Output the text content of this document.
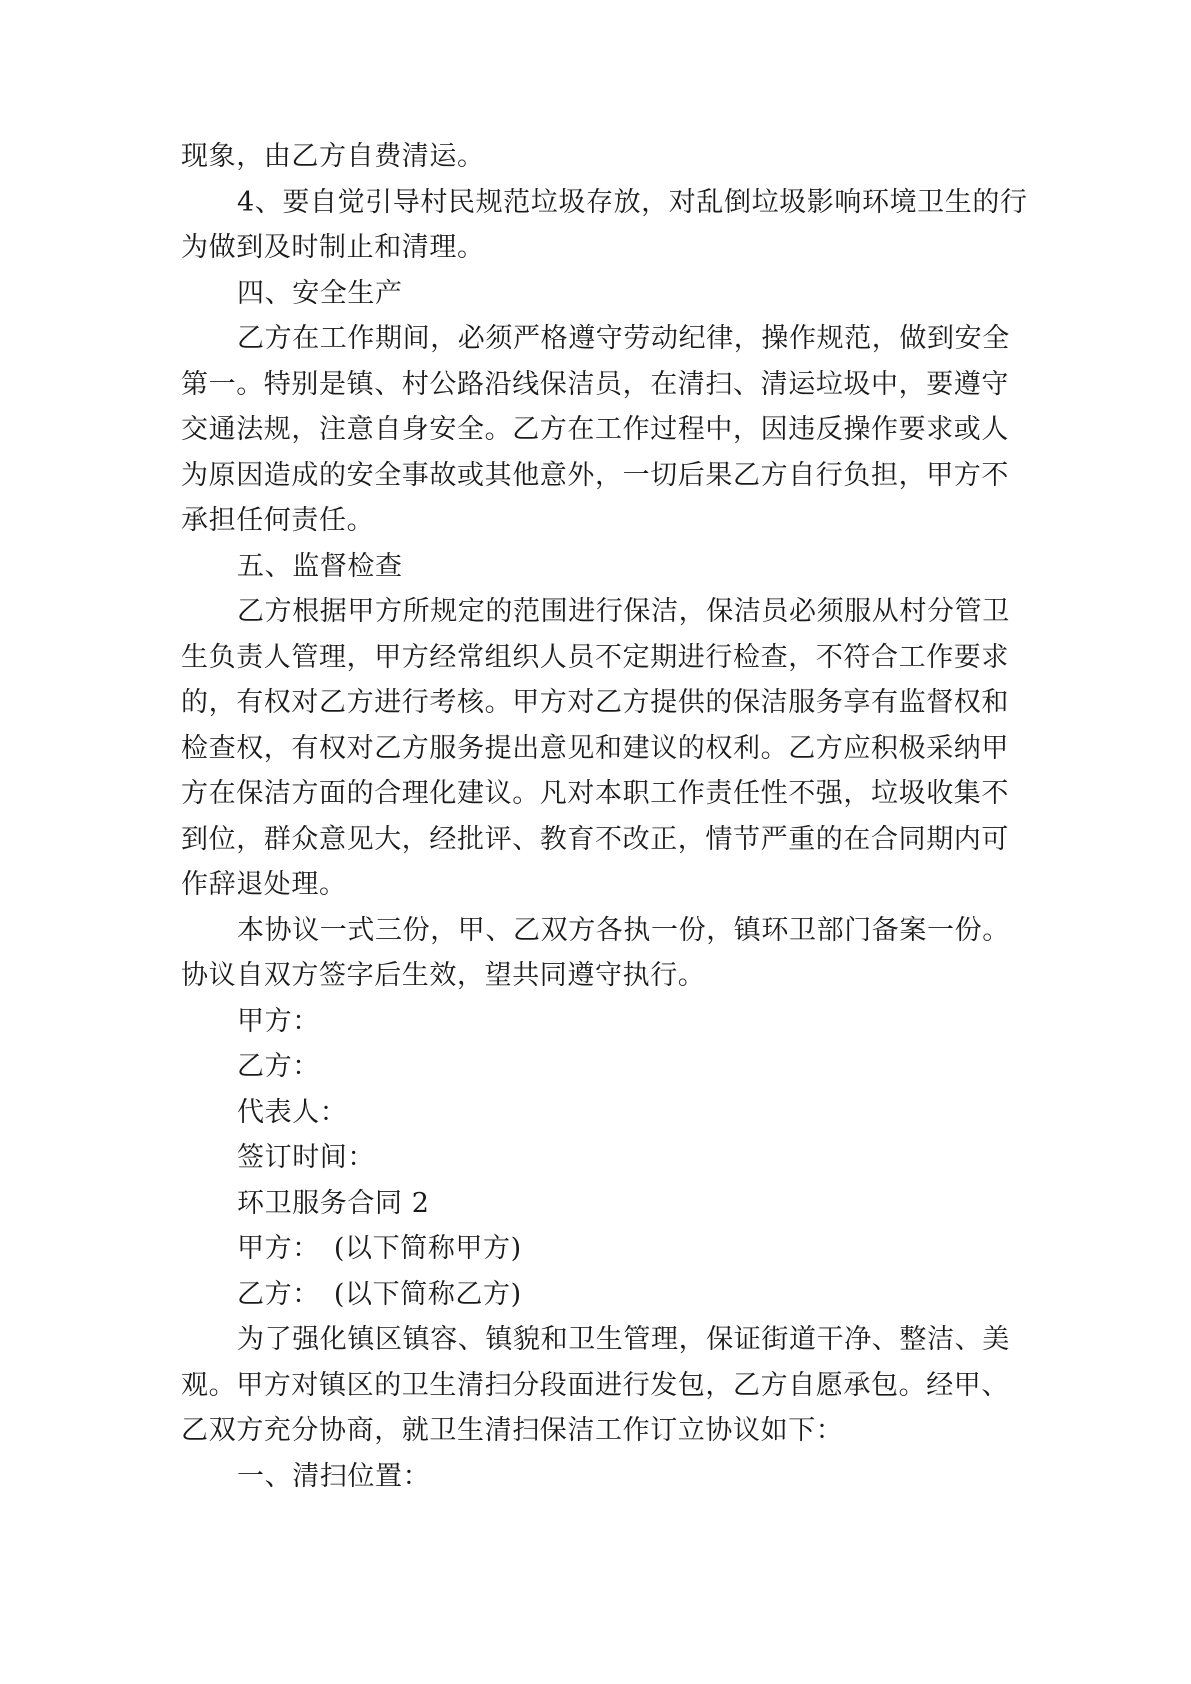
现象，由乙方自费清运。
4、要自觉引导村民规范垃圾存放，对乱倒垃圾影响环境卫生的行
为做到及时制止和清理。
四、安全生产
乙方在工作期间，必须严格遵守劳动纪律，操作规范，做到安全
第一。特别是镇、村公路沿线保洁员，在清扫、清运垃圾中，要遵守
交通法规，注意自身安全。乙方在工作过程中，因违反操作要求或人
为原因造成的安全事故或其他意外，一切后果乙方自行负担，甲方不
承担任何责任。
五、监督检查
乙方根据甲方所规定的范围进行保洁，保洁员必须服从村分管卫
生负责人管理，甲方经常组织人员不定期进行检查，不符合工作要求
的，有权对乙方进行考核。甲方对乙方提供的保洁服务享有监督权和
检查权，有权对乙方服务提出意见和建议的权利。乙方应积极采纳甲
方在保洁方面的合理化建议。凡对本职工作责任性不强，垃圾收集不
到位，群众意见大，经批评、教育不改正，情节严重的在合同期内可
作辞退处理。
本协议一式三份，甲、乙双方各执一份，镇环卫部门备案一份。
协议自双方签字后生效，望共同遵守执行。
甲方：
乙方：
代表人：
签订时间：
环卫服务合同 2
甲方：　(以下简称甲方)
乙方：　(以下简称乙方)
为了强化镇区镇容、镇貌和卫生管理，保证街道干净、整洁、美
观。甲方对镇区的卫生清扫分段面进行发包，乙方自愿承包。经甲、
乙双方充分协商，就卫生清扫保洁工作订立协议如下：
一、清扫位置：
